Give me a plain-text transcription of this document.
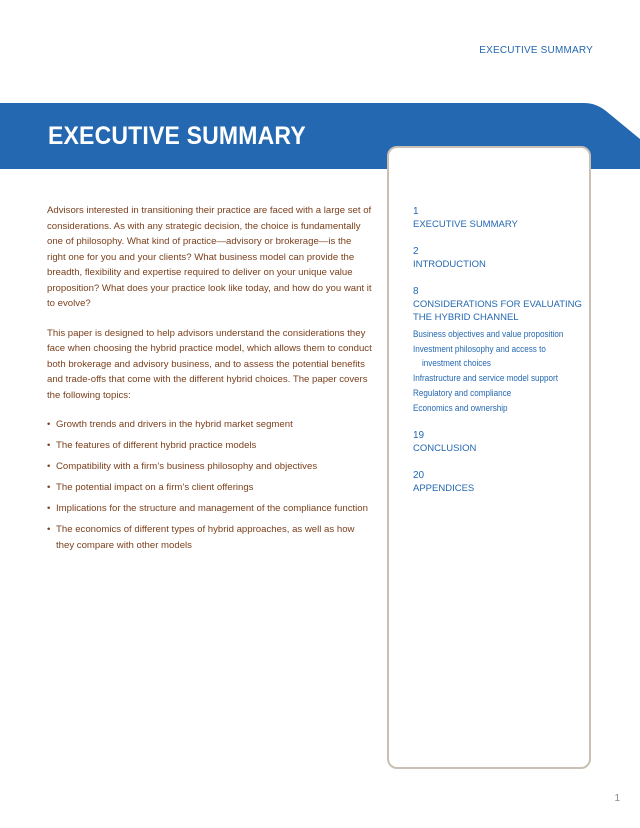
EXECUTIVE SUMMARY
EXECUTIVE SUMMARY

Advisors interested in transitioning their practice are faced with a large set of considerations. As with any strategic decision, the choice is fundamentally one of philosophy. What kind of practice—advisory or brokerage—is the right one for you and your clients? What business model can provide the breadth, flexibility and expertise required to deliver on your unique value proposition? What does your practice look like today, and how do you want it to evolve?

This paper is designed to help advisors understand the considerations they face when choosing the hybrid practice model, which allows them to conduct both brokerage and advisory business, and to assess the potential benefits and trade-offs that come with the different hybrid choices. The paper covers the following topics:

• Growth trends and drivers in the hybrid market segment
• The features of different hybrid practice models
• Compatibility with a firm’s business philosophy and objectives
• The potential impact on a firm’s client offerings
• Implications for the structure and management of the compliance function
• The economics of different types of hybrid approaches, as well as how they compare with other models
1
EXECUTIVE SUMMARY
2
INTRODUCTION
8
CONSIDERATIONS FOR EVALUATING THE HYBRID CHANNEL
Business objectives and value proposition
Investment philosophy and access to
investment choices
Infrastructure and service model support
Regulatory and compliance
Economics and ownership
19
CONCLUSION
20
APPENDICES
1
